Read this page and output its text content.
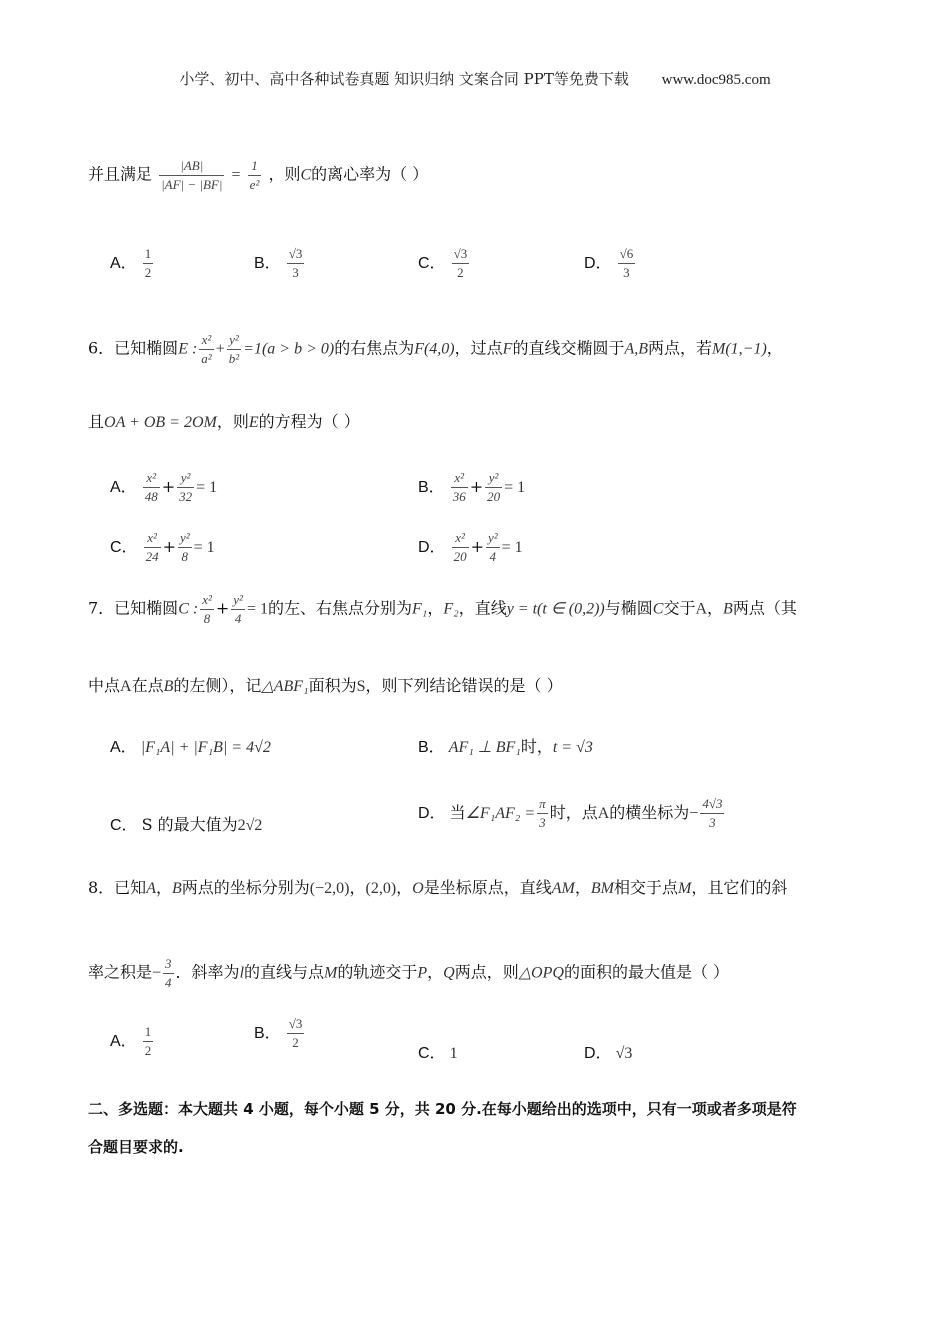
小学、初中、高中各种试卷真题 知识归纳 文案合同 PPT等免费下载 www.doc985.com
并且满足 $\frac{|AB|}{|AF| - |BF|} = \frac{1}{\text{e²}}$ ，则C的离心率为（ ）
A． $\frac{1}{2}$	B． $\frac{√3}{3}$	C． $\frac{√3}{2}$	D． $\frac{√6}{3}$
6．已知椭圆E : $\frac{\text{x²}}{\text{a²}} + \frac{\text{y²}}{\text{b²}} =1(a > b > 0)$的右焦点为F(4,0)，过点F的直线交椭圆于A,B两点，若M(1,−1)，
且OA + OB = 2OM，则E的方程为（ ）
A． $\frac{\text{x²}}{48} + \frac{\text{y²}}{32} = 1$	B． $\frac{\text{x²}}{36} + \frac{\text{y²}}{20} = 1$
C． $\frac{\text{x²}}{24} + \frac{\text{y²}}{8} = 1$	D． $\frac{\text{x²}}{20} + \frac{\text{y²}}{4} = 1$
7．已知椭圆C : $\frac{\text{x²}}{8} + \frac{\text{y²}}{4} = 1$的左、右焦点分别为F₁，F₂，直线y = t(t ∈ (0,2))与椭圆C交于A，B两点（其
中点A在点B的左侧），记△ABF₁面积为S，则下列结论错误的是（ ）
A． |F₁A| + |F₁B| = 4√2	B． AF₁ ⊥ BF₁时，t = √3
C． S 的最大值为2√2
D． 当∠F₁AF₂ = $\frac{\pi}{3}$ 时，点A的横坐标为− $\frac{4√3}{3}$
8．已知A，B两点的坐标分别为(−2,0)，(2,0)，O是坐标原点，直线AM，BM相交于点M，且它们的斜
率之积是− $\frac{3}{4}$ ．斜率为l的直线与点M的轨迹交于P，Q两点，则△OPQ的面积的最大值是（ ）
A． $\frac{1}{2}$	B． $\frac{√3}{2}$
C． 1	D． √3
二、多选题：本大题共 4 小题，每个小题 5 分，共 20 分.在每小题给出的选项中，只有一项或者多项是符
合题目要求的.
